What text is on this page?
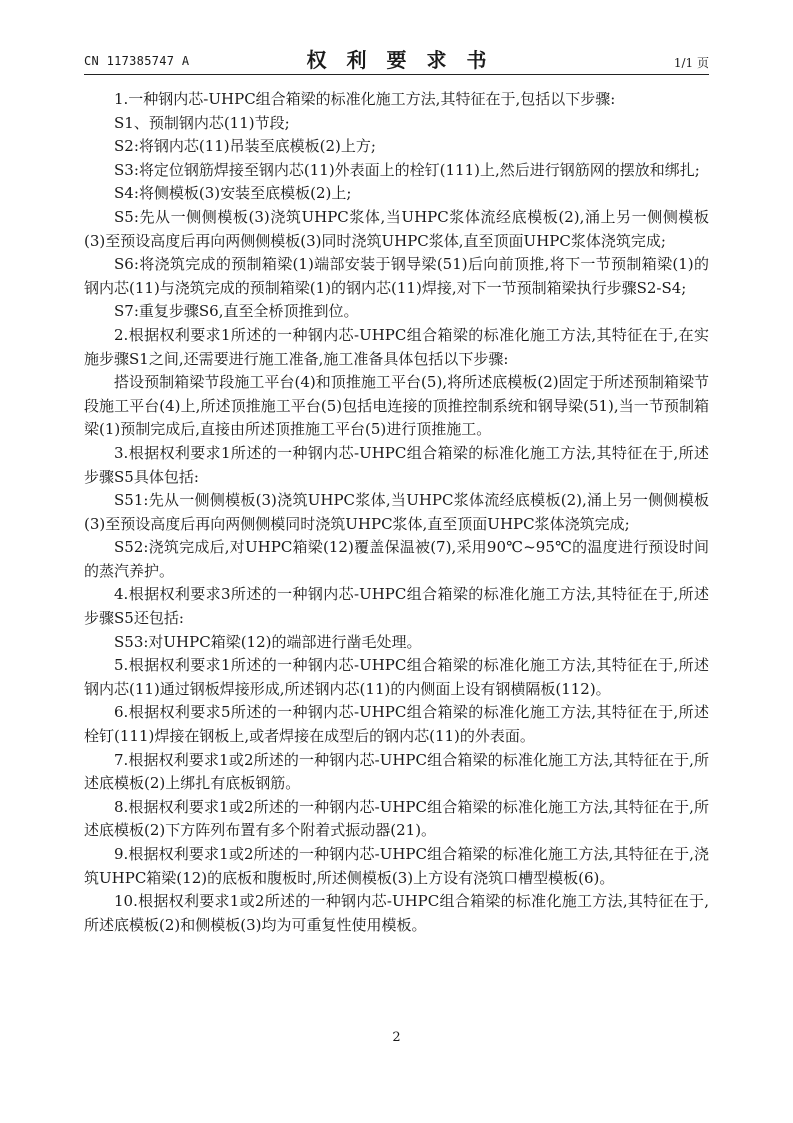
CN 117385747 A	权利要求书	1/1 页

1.一种钢内芯-UHPC组合箱梁的标准化施工方法,其特征在于,包括以下步骤:

S1、预制钢内芯(11)节段;

S2:将钢内芯(11)吊装至底模板(2)上方;

S3:将定位钢筋焊接至钢内芯(11)外表面上的栓钉(111)上,然后进行钢筋网的摆放和绑扎;

S4:将侧模板(3)安装至底模板(2)上;

S5:先从一侧侧模板(3)浇筑UHPC浆体,当UHPC浆体流经底模板(2),涌上另一侧侧模板(3)至预设高度后再向两侧侧模板(3)同时浇筑UHPC浆体,直至顶面UHPC浆体浇筑完成;

S6:将浇筑完成的预制箱梁(1)端部安装于钢导梁(51)后向前顶推,将下一节预制箱梁(1)的钢内芯(11)与浇筑完成的预制箱梁(1)的钢内芯(11)焊接,对下一节预制箱梁执行步骤S2-S4;

S7:重复步骤S6,直至全桥顶推到位。

2.根据权利要求1所述的一种钢内芯-UHPC组合箱梁的标准化施工方法,其特征在于,在实施步骤S1之间,还需要进行施工准备,施工准备具体包括以下步骤:

搭设预制箱梁节段施工平台(4)和顶推施工平台(5),将所述底模板(2)固定于所述预制箱梁节段施工平台(4)上,所述顶推施工平台(5)包括电连接的顶推控制系统和钢导梁(51),当一节预制箱梁(1)预制完成后,直接由所述顶推施工平台(5)进行顶推施工。

3.根据权利要求1所述的一种钢内芯-UHPC组合箱梁的标准化施工方法,其特征在于,所述步骤S5具体包括:

S51:先从一侧侧模板(3)浇筑UHPC浆体,当UHPC浆体流经底模板(2),涌上另一侧侧模板(3)至预设高度后再向两侧侧模同时浇筑UHPC浆体,直至顶面UHPC浆体浇筑完成;

S52:浇筑完成后,对UHPC箱梁(12)覆盖保温被(7),采用90℃~95℃的温度进行预设时间的蒸汽养护。

4.根据权利要求3所述的一种钢内芯-UHPC组合箱梁的标准化施工方法,其特征在于,所述步骤S5还包括:

S53:对UHPC箱梁(12)的端部进行凿毛处理。

5.根据权利要求1所述的一种钢内芯-UHPC组合箱梁的标准化施工方法,其特征在于,所述钢内芯(11)通过钢板焊接形成,所述钢内芯(11)的内侧面上设有钢横隔板(112)。

6.根据权利要求5所述的一种钢内芯-UHPC组合箱梁的标准化施工方法,其特征在于,所述栓钉(111)焊接在钢板上,或者焊接在成型后的钢内芯(11)的外表面。

7.根据权利要求1或2所述的一种钢内芯-UHPC组合箱梁的标准化施工方法,其特征在于,所述底模板(2)上绑扎有底板钢筋。

8.根据权利要求1或2所述的一种钢内芯-UHPC组合箱梁的标准化施工方法,其特征在于,所述底模板(2)下方阵列布置有多个附着式振动器(21)。

9.根据权利要求1或2所述的一种钢内芯-UHPC组合箱梁的标准化施工方法,其特征在于,浇筑UHPC箱梁(12)的底板和腹板时,所述侧模板(3)上方设有浇筑口槽型模板(6)。

10.根据权利要求1或2所述的一种钢内芯-UHPC组合箱梁的标准化施工方法,其特征在于,所述底模板(2)和侧模板(3)均为可重复性使用模板。

2
